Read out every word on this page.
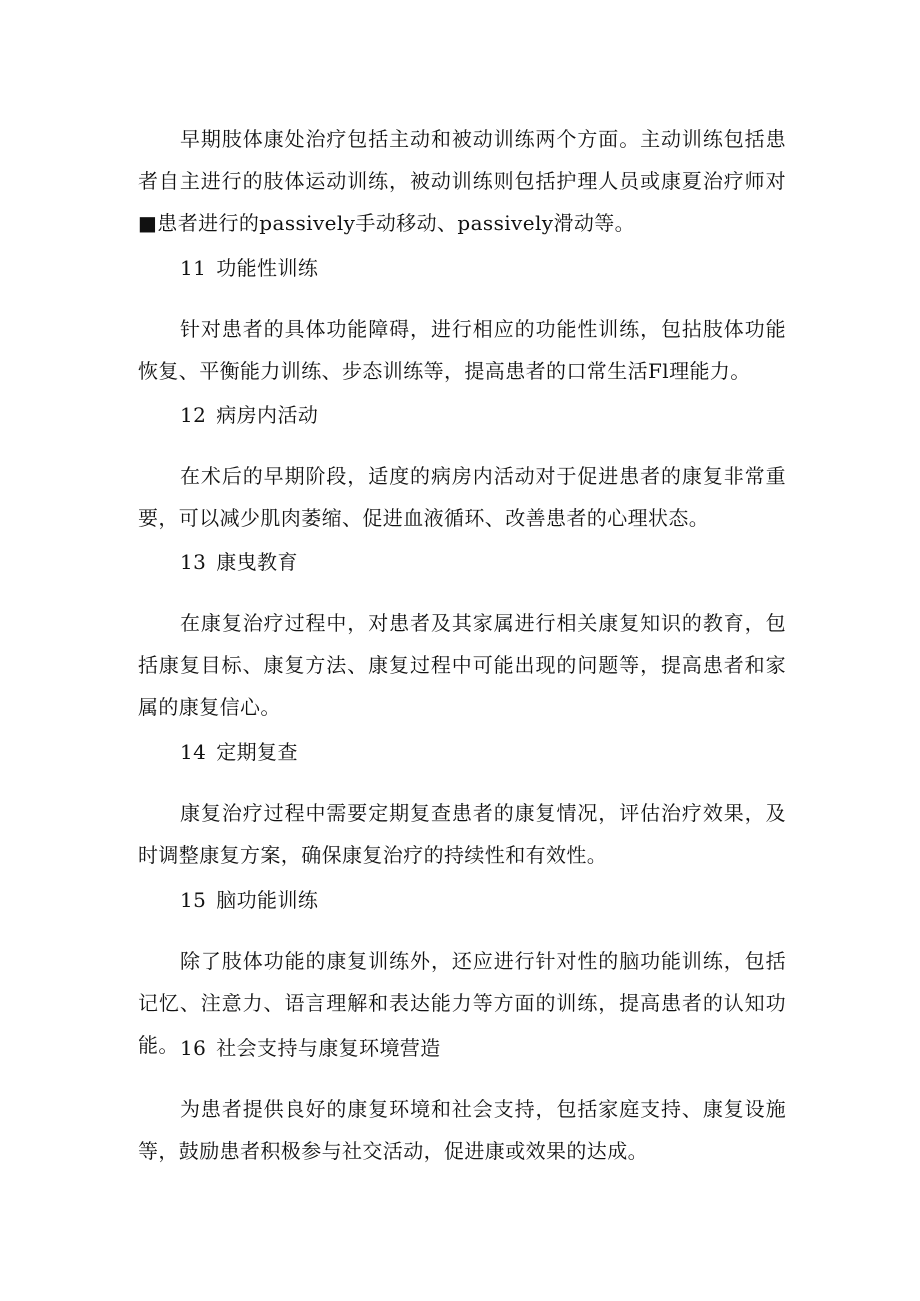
早期肢体康处治疗包括主动和被动训练两个方面。主动训练包括患者自主进行的肢体运动训练，被动训练则包括护理人员或康夏治疗师对■患者进行的passively手动移动、passively滑动等。

11 功能性训练

针对患者的具体功能障碍，进行相应的功能性训练，包拈肢体功能恢复、平衡能力训练、步态训练等，提高患者的口常生活Fl理能力。

12 病房内活动

在术后的早期阶段，适度的病房内活动对于促进患者的康复非常重要，可以减少肌肉萎缩、促进血液循环、改善患者的心理状态。

13 康曳教育

在康复治疗过程中，对患者及其家属进行相关康复知识的教育，包括康复目标、康复方法、康复过程中可能出现的问题等，提高患者和家属的康复信心。

14 定期复查

康复治疗过程中需要定期复查患者的康复情况，评估治疗效果，及时调整康复方案，确保康复治疗的持续性和有效性。

15 脑功能训练

除了肢体功能的康复训练外，还应进行针对性的脑功能训练，包括记忆、注意力、语言理解和表达能力等方面的训练，提高患者的认知功能。 16 社会支持与康复环境营造

为患者提供良好的康复环境和社会支持，包括家庭支持、康复设施等，鼓励患者积极参与社交活动，促进康或效果的达成。
